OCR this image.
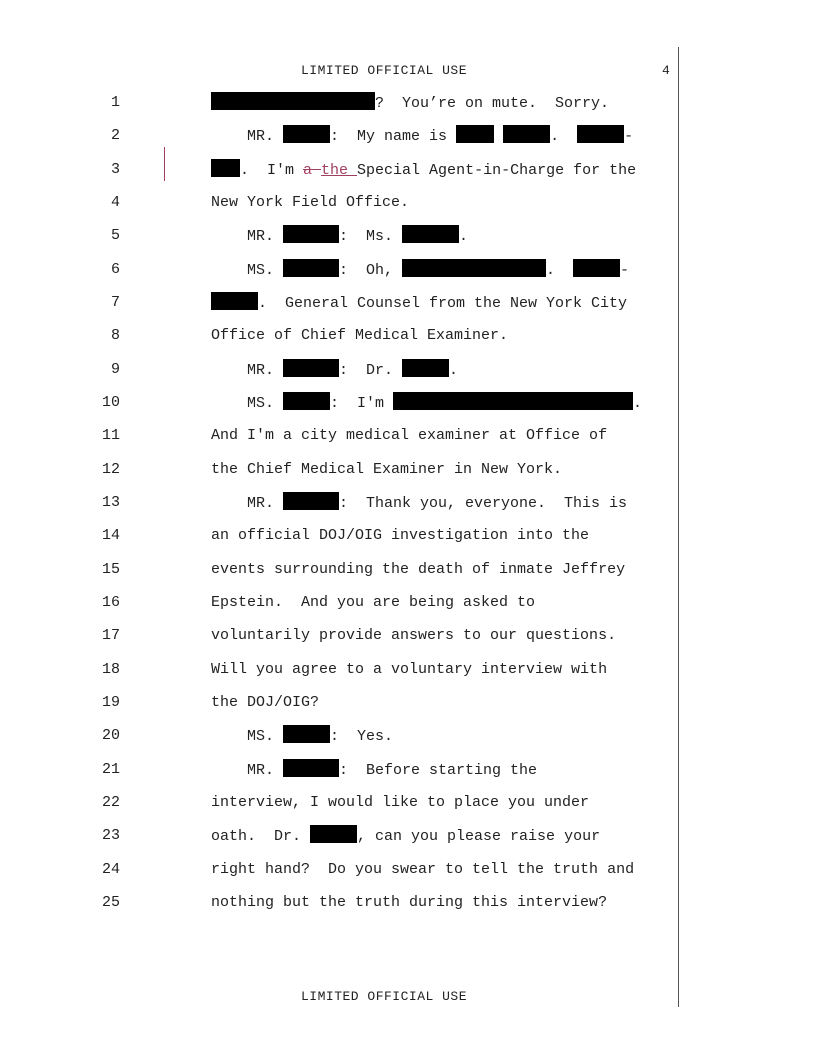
LIMITED OFFICIAL USE	4
1	?  You’re on mute.  Sorry.
2	MR.	:  My name is	.	-
3	.  I'm a the Special Agent-in-Charge for the
4	New York Field Office.
5	MR.	:  Ms.	.
6	MS.	:  Oh,	.	-
7	.  General Counsel from the New York City
8	Office of Chief Medical Examiner.
9	MR.	:  Dr.	.
10	MS.	:  I'm	.
11	And I'm a city medical examiner at Office of
12	the Chief Medical Examiner in New York.
13	MR.	:  Thank you, everyone.  This is
14	an official DOJ/OIG investigation into the
15	events surrounding the death of inmate Jeffrey
16	Epstein.  And you are being asked to
17	voluntarily provide answers to our questions.
18	Will you agree to a voluntary interview with
19	the DOJ/OIG?
20	MS.	:  Yes.
21	MR.	:  Before starting the
22	interview, I would like to place you under
23	oath.  Dr.	, can you please raise your
24	right hand?  Do you swear to tell the truth and
25	nothing but the truth during this interview?
LIMITED OFFICIAL USE
